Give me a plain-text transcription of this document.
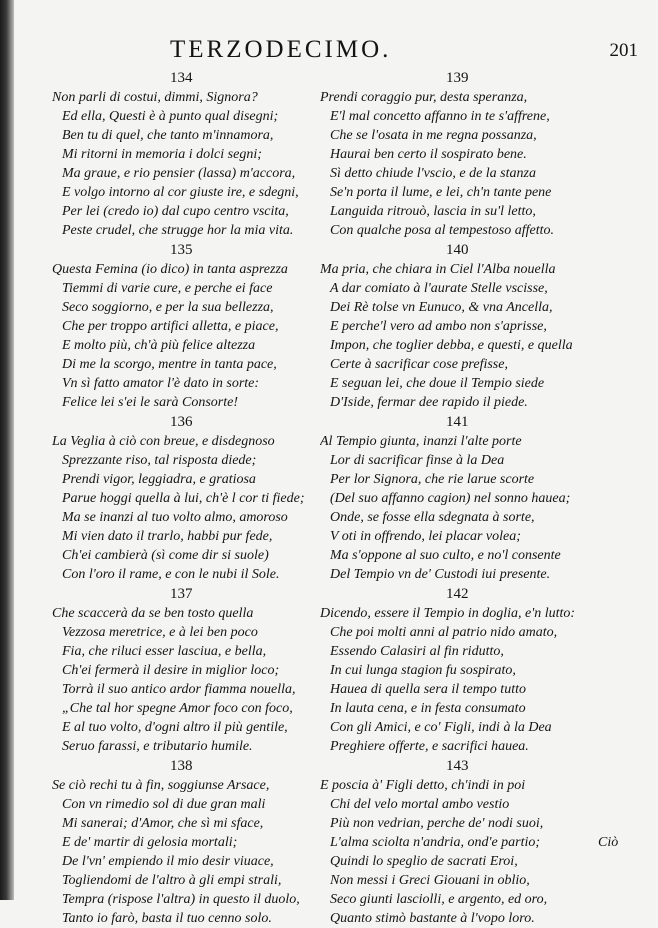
TERZODECIMO.	201
134
Non parli di costui, dimmi, Signora?
Ed ella, Questi è à punto qual disegni;
Ben tu di quel, che tanto m'innamora,
Mi ritorni in memoria i dolci segni;
Ma graue, e rio pensier (lassa) m'accora,
E volgo intorno al cor giuste ire, e sdegni,
Per lei (credo io) dal cupo centro vscita,
Peste crudel, che strugge hor la mia vita.
135
Questa Femina (io dico) in tanta asprezza
Tiemmi di varie cure, e perche ei face
Seco soggiorno, e per la sua bellezza,
Che per troppo artifici alletta, e piace,
E molto più, ch'à più felice altezza
Di me la scorgo, mentre in tanta pace,
Vn sì fatto amator l'è dato in sorte:
Felice lei s'ei le sarà Consorte!
136
La Veglia à ciò con breue, e disdegnoso
Sprezzante riso, tal risposta diede;
Prendi vigor, leggiadra, e gratiosa
Parue hoggi quella à lui, ch'è l cor ti fiede;
Ma se inanzi al tuo volto almo, amoroso
Mi vien dato il trarlo, habbi pur fede,
Ch'ei cambierà (sì come dir si suole)
Con l'oro il rame, e con le nubi il Sole.
137
Che scaccerà da se ben tosto quella
Vezzosa meretrice, e à lei ben poco
Fia, che riluci esser lasciua, e bella,
Ch'ei fermerà il desire in miglior loco;
Torrà il suo antico ardor fiamma nouella,
„Che tal hor spegne Amor foco con foco,
E al tuo volto, d'ogni altro il più gentile,
Seruo farassi, e tributario humile.
138
Se ciò rechi tu à fin, soggiunse Arsace,
Con vn rimedio sol di due gran mali
Mi sanerai; d'Amor, che sì mi sface,
E de' martir di gelosia mortali;
De l'vn' empiendo il mio desir viuace,
Togliendomi de l'altro à gli empi strali,
Tempra (rispose l'altra) in questo il duolo,
Tanto io farò, basta il tuo cenno solo.
139
Prendi coraggio pur, desta speranza,
E'l mal concetto affanno in te s'affrene,
Che se l'osata in me regna possanza,
Haurai ben certo il sospirato bene.
Sì detto chiude l'vscio, e de la stanza
Se'n porta il lume, e lei, ch'n tante pene
Languida ritrouò, lascia in su'l letto,
Con qualche posa al tempestoso affetto.
140
Ma pria, che chiara in Ciel l'Alba nouella
A dar comiato à l'aurate Stelle vscisse,
Dei Rè tolse vn Eunuco, & vna Ancella,
E perche'l vero ad ambo non s'aprisse,
Impon, che toglier debba, e questi, e quella
Certe à sacrificar cose prefisse,
E seguan lei, che doue il Tempio siede
D'Iside, fermar dee rapido il piede.
141
Al Tempio giunta, inanzi l'alte porte
Lor di sacrificar finse à la Dea
Per lor Signora, che rie larue scorte
(Del suo affanno cagion) nel sonno hauea;
Onde, se fosse ella sdegnata à sorte,
V oti in offrendo, lei placar volea;
Ma s'oppone al suo culto, e no'l consente
Del Tempio vn de' Custodi iui presente.
142
Dicendo, essere il Tempio in doglia, e'n lutto:
Che poi molti anni al patrio nido amato,
Essendo Calasiri al fin ridutto,
In cui lunga stagion fu sospirato,
Hauea di quella sera il tempo tutto
In lauta cena, e in festa consumato
Con gli Amici, e co' Figli, indi à la Dea
Preghiere offerte, e sacrifici hauea.
143
E poscia à' Figli detto, ch'indi in poi
Chi del velo mortal ambo vestio
Più non vedrian, perche de' nodi suoi,
L'alma sciolta n'andria, ond'e partio;
Quindi lo speglio de sacrati Eroi,
Non messi i Greci Giouani in oblio,
Seco giunti lasciolli, e argento, ed oro,
Quanto stimò bastante à l'vopo loro.
Ciò
